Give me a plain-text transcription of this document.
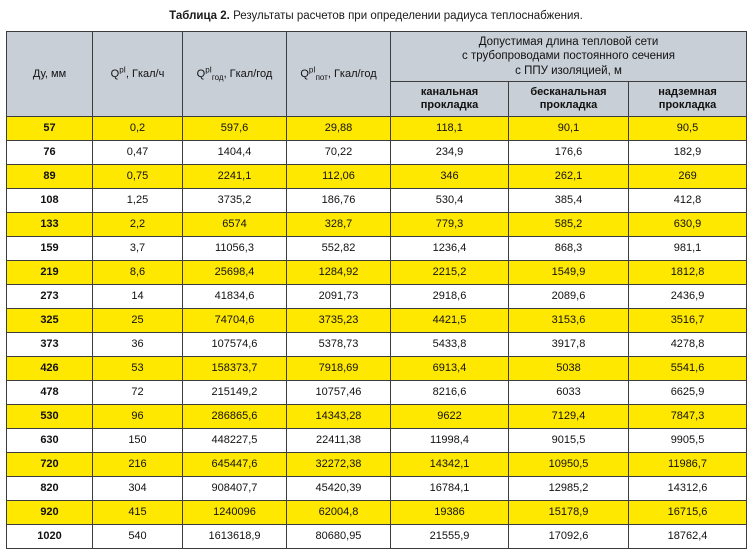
Таблица 2. Результаты расчетов при определении радиуса теплоснабжения.
Ду, мм	$Q^{рI}$, Гкал/ч	$Q^{рI}_{год}$, Гкал/год	$Q^{рI}_{пот}$, Гкал/год	Допустимая длина тепловой сети
с трубопроводами постоянного сечения
с ППУ изоляцией, м		

				канальная прокладка	бесканальная прокладка	надземная прокладка
57	0,2	597,6	29,88	118,1	90,1	90,5
76	0,47	1404,4	70,22	234,9	176,6	182,9
89	0,75	2241,1	112,06	346	262,1	269
108	1,25	3735,2	186,76	530,4	385,4	412,8
133	2,2	6574	328,7	779,3	585,2	630,9
159	3,7	11056,3	552,82	1236,4	868,3	981,1
219	8,6	25698,4	1284,92	2215,2	1549,9	1812,8
273	14	41834,6	2091,73	2918,6	2089,6	2436,9
325	25	74704,6	3735,23	4421,5	3153,6	3516,7
373	36	107574,6	5378,73	5433,8	3917,8	4278,8
426	53	158373,7	7918,69	6913,4	5038	5541,6
478	72	215149,2	10757,46	8216,6	6033	6625,9
530	96	286865,6	14343,28	9622	7129,4	7847,3
630	150	448227,5	22411,38	11998,4	9015,5	9905,5
720	216	645447,6	32272,38	14342,1	10950,5	11986,7
820	304	908407,7	45420,39	16784,1	12985,2	14312,6
920	415	1240096	62004,8	19386	15178,9	16715,6
1020	540	1613618,9	80680,95	21555,9	17092,6	18762,4
